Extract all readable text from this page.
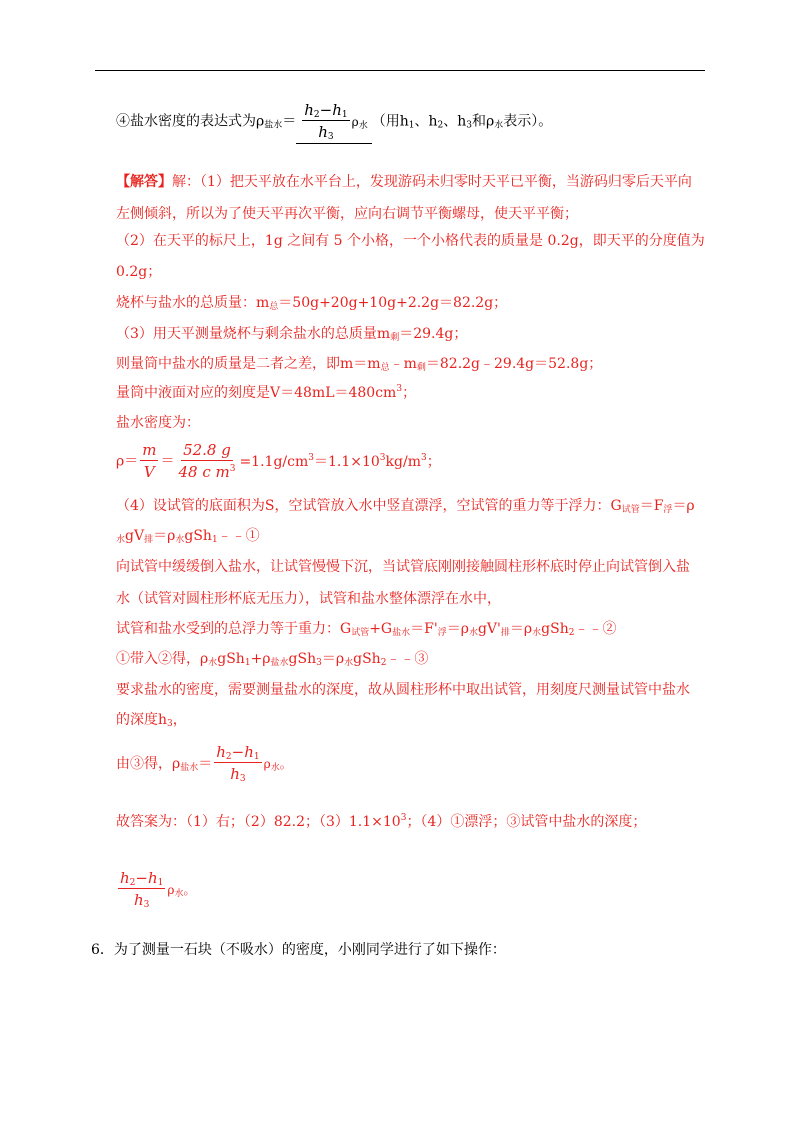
④盐水密度的表达式为$\rho_{盐水}= \frac{h_2-h_1}{h_3} \rho_水$ （用$h_1$、$h_2$、$h_3$和$\rho_水$表示）。
【解答】解：（1）把天平放在水平台上，发现游码未归零时天平已平衡，当游码归零后天平向
左侧倾斜，所以为了使天平再次平衡，应向右调节平衡螺母，使天平平衡；
（2）在天平的标尺上，1g 之间有 5 个小格，一个小格代表的质量是 0.2g，即天平的分度值为
0.2g；
烧杯与盐水的总质量：$m_总=50g+20g+10g+2.2g=82.2g$；
（3）用天平测量烧杯与剩余盐水的总质量$m_剩=29.4g$；
则量筒中盐水的质量是二者之差，即$m=m_总﹣m_剩=82.2g﹣29.4g=52.8g$；
量筒中液面对应的刻度是$V=48mL=480cm^3$；
盐水密度为：
$\rho= \frac{m}{V} = \frac{52.8 g}{48 c m^3} =1.1g/cm^3=1.1\times 10^3kg/m^3$；
（4）设试管的底面积为S，空试管放入水中竖直漂浮，空试管的重力等于浮力：$G_{试管}=F_浮=\rho$
$_水gV_排=\rho_水gSh_1﹣﹣①$
向试管中缓缓倒入盐水，让试管慢慢下沉，当试管底刚刚接触圆柱形杯底时停止向试管倒入盐
水（试管对圆柱形杯底无压力），试管和盐水整体漂浮在水中，
试管和盐水受到的总浮力等于重力：$G_{试管}+G_{盐水}=F'_浮=\rho_水gV'_排=\rho_水gSh_2﹣﹣②$
①带入②得，$\rho_水gSh_1+\rho_{盐水}gSh_3=\rho_水gSh_2﹣﹣③$
要求盐水的密度，需要测量盐水的深度，故从圆柱形杯中取出试管，用刻度尺测量试管中盐水
的深度$h_3$，
由③得，$\rho_{盐水}= \frac{h_2-h_1}{h_3} \rho_水$。
故答案为：（1）右；（2）82.2；$(3)1.1\times 10^3$；（4）①漂浮；③试管中盐水的深度；
$\frac{h_2-h_1}{h_3} \rho_水$。
6．为了测量一石块（不吸水）的密度，小刚同学进行了如下操作：
